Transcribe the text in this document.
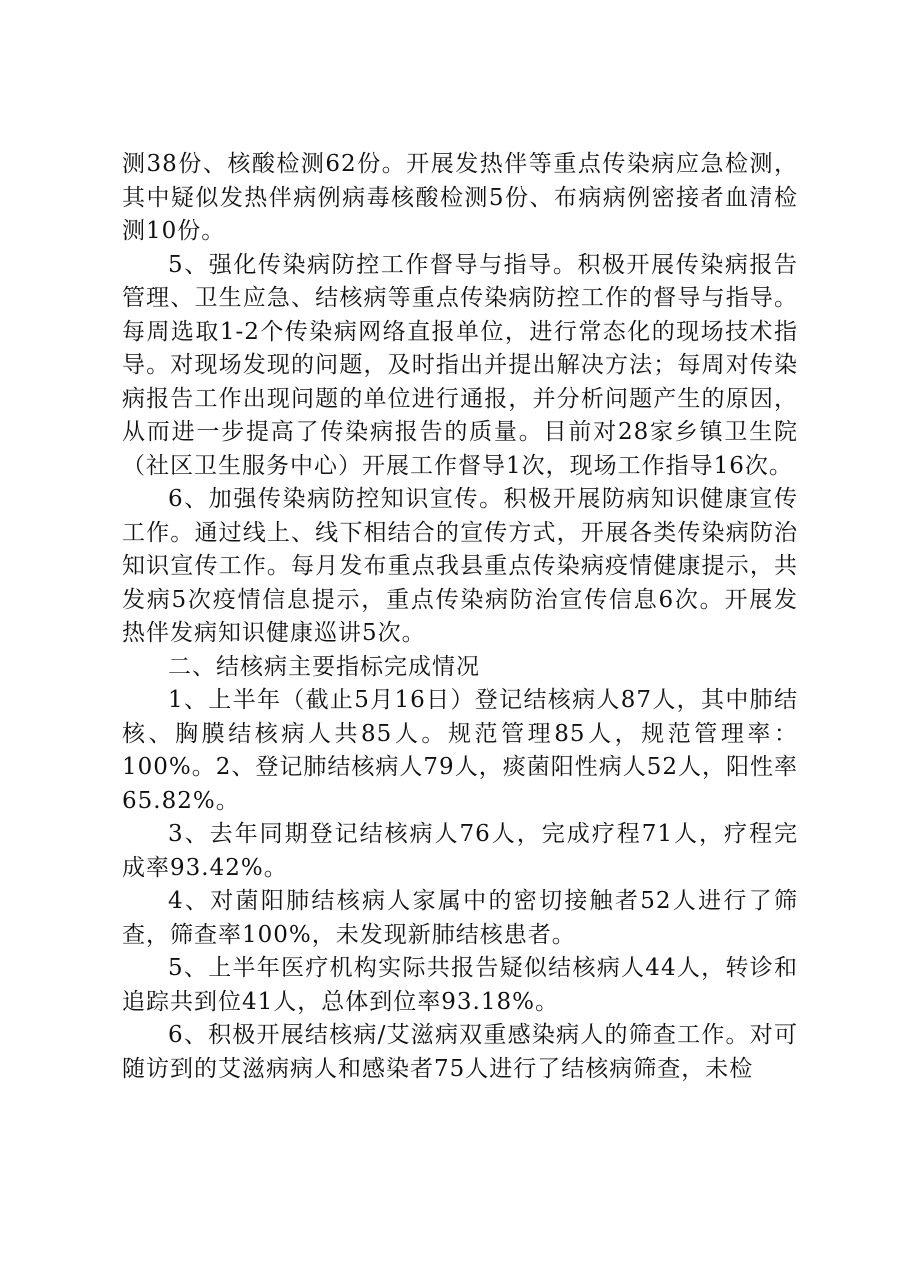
测38份、核酸检测62份。开展发热伴等重点传染病应急检测，其中疑似发热伴病例病毒核酸检测5份、布病病例密接者血清检测10份。

5、强化传染病防控工作督导与指导。积极开展传染病报告管理、卫生应急、结核病等重点传染病防控工作的督导与指导。每周选取1-2个传染病网络直报单位，进行常态化的现场技术指导。对现场发现的问题，及时指出并提出解决方法；每周对传染病报告工作出现问题的单位进行通报，并分析问题产生的原因，从而进一步提高了传染病报告的质量。目前对28家乡镇卫生院（社区卫生服务中心）开展工作督导1次，现场工作指导16次。

6、加强传染病防控知识宣传。积极开展防病知识健康宣传工作。通过线上、线下相结合的宣传方式，开展各类传染病防治知识宣传工作。每月发布重点我县重点传染病疫情健康提示，共发病5次疫情信息提示，重点传染病防治宣传信息6次。开展发热伴发病知识健康巡讲5次。

二、结核病主要指标完成情况

1、上半年（截止5月16日）登记结核病人87人，其中肺结核、胸膜结核病人共85人。规范管理85人，规范管理率：100%。2、登记肺结核病人79人，痰菌阳性病人52人，阳性率65.82%。

3、去年同期登记结核病人76人，完成疗程71人，疗程完成率93.42%。

4、对菌阳肺结核病人家属中的密切接触者52人进行了筛查，筛查率100%，未发现新肺结核患者。

5、上半年医疗机构实际共报告疑似结核病人44人，转诊和追踪共到位41人，总体到位率93.18%。

6、积极开展结核病/艾滋病双重感染病人的筛查工作。对可随访到的艾滋病病人和感染者75人进行了结核病筛查，未检
